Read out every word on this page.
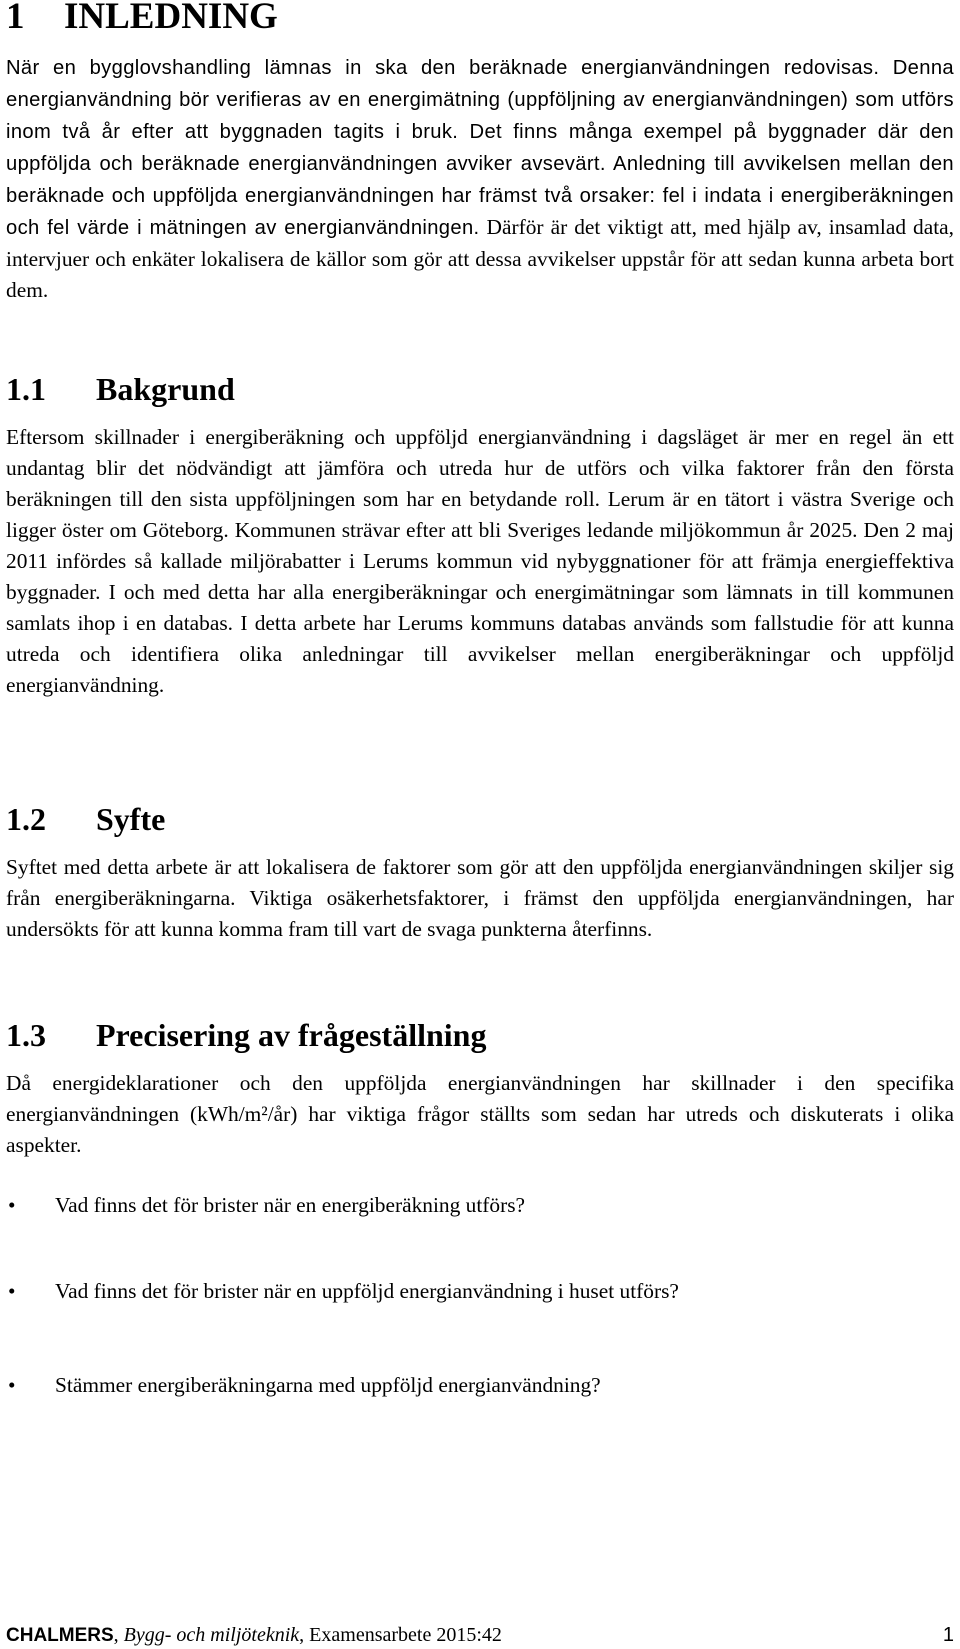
1 INLEDNING

När en bygglovshandling lämnas in ska den beräknade energianvändningen redovisas. Denna energianvändning bör verifieras av en energimätning (uppföljning av energianvändningen) som utförs inom två år efter att byggnaden tagits i bruk. Det finns många exempel på byggnader där den uppföljda och beräknade energianvändningen avviker avsevärt. Anledning till avvikelsen mellan den beräknade och uppföljda energianvändningen har främst två orsaker: fel i indata i energiberäkningen och fel värde i mätningen av energianvändningen. Därför är det viktigt att, med hjälp av, insamlad data, intervjuer och enkäter lokalisera de källor som gör att dessa avvikelser uppstår för att sedan kunna arbeta bort dem.

1.1 Bakgrund

Eftersom skillnader i energiberäkning och uppföljd energianvändning i dagsläget är mer en regel än ett undantag blir det nödvändigt att jämföra och utreda hur de utförs och vilka faktorer från den första beräkningen till den sista uppföljningen som har en betydande roll. Lerum är en tätort i västra Sverige och ligger öster om Göteborg. Kommunen strävar efter att bli Sveriges ledande miljökommun år 2025. Den 2 maj 2011 infördes så kallade miljörabatter i Lerums kommun vid nybyggnationer för att främja energieffektiva byggnader. I och med detta har alla energiberäkningar och energimätningar som lämnats in till kommunen samlats ihop i en databas. I detta arbete har Lerums kommuns databas används som fallstudie för att kunna utreda och identifiera olika anledningar till avvikelser mellan energiberäkningar och uppföljd energianvändning.

1.2 Syfte

Syftet med detta arbete är att lokalisera de faktorer som gör att den uppföljda energianvändningen skiljer sig från energiberäkningarna. Viktiga osäkerhetsfaktorer, i främst den uppföljda energianvändningen, har undersökts för att kunna komma fram till vart de svaga punkterna återfinns.

1.3 Precisering av frågeställning

Då energideklarationer och den uppföljda energianvändningen har skillnader i den specifika energianvändningen (kWh/m²/år) har viktiga frågor ställts som sedan har utreds och diskuterats i olika aspekter.

• Vad finns det för brister när en energiberäkning utförs?

• Vad finns det för brister när en uppföljd energianvändning i huset utförs?

• Stämmer energiberäkningarna med uppföljd energianvändning?

CHALMERS, Bygg- och miljöteknik, Examensarbete 2015:42	1
